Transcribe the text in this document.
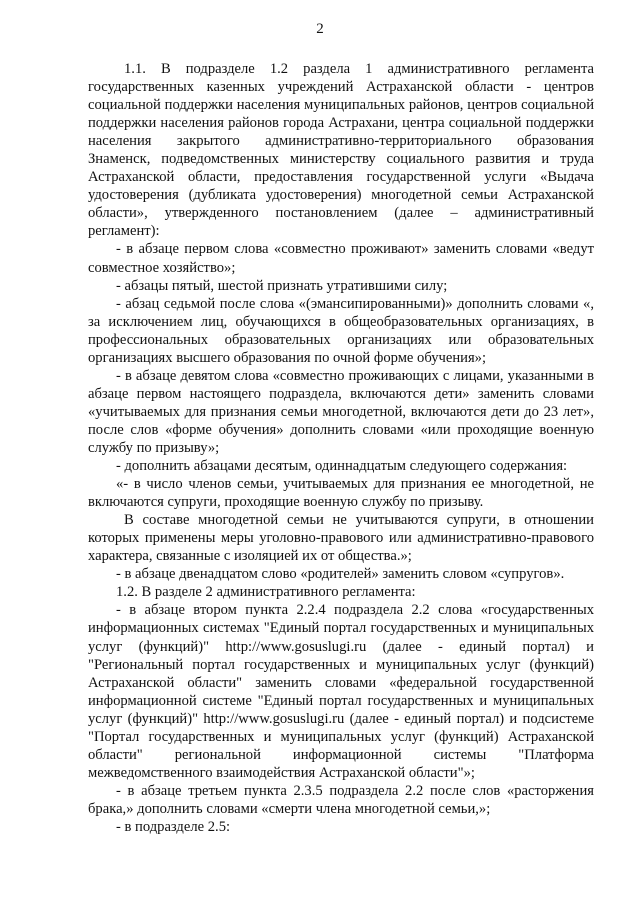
2

1.1. В подразделе 1.2 раздела 1 административного регламента государственных казенных учреждений Астраханской области - центров социальной поддержки населения муниципальных районов, центров социальной поддержки населения районов города Астрахани, центра социальной поддержки населения закрытого административно-территориального образования Знаменск, подведомственных министерству социального развития и труда Астраханской области, предоставления государственной услуги «Выдача удостоверения (дубликата удостоверения) многодетной семьи Астраханской области», утвержденного постановлением (далее – административный регламент):

- в абзаце первом слова «совместно проживают» заменить словами «ведут совместное хозяйство»;

- абзацы пятый, шестой признать утратившими силу;

- абзац седьмой после слова «(эмансипированными)» дополнить словами «, за исключением лиц, обучающихся в общеобразовательных организациях, в профессиональных образовательных организациях или образовательных организациях высшего образования по очной форме обучения»;

- в абзаце девятом слова «совместно проживающих с лицами, указанными в абзаце первом настоящего подраздела, включаются дети» заменить словами «учитываемых для признания семьи многодетной, включаются дети до 23 лет», после слов «форме обучения» дополнить словами «или проходящие военную службу по призыву»;

- дополнить абзацами десятым, одиннадцатым следующего содержания:

«- в число членов семьи, учитываемых для признания ее многодетной, не включаются супруги, проходящие военную службу по призыву.

В составе многодетной семьи не учитываются супруги, в отношении которых применены меры уголовно-правового или административно-правового характера, связанные с изоляцией их от общества.»;

- в абзаце двенадцатом слово «родителей» заменить словом «супругов».

1.2. В разделе 2 административного регламента:

- в абзаце втором пункта 2.2.4 подраздела 2.2 слова «государственных информационных системах "Единый портал государственных и муниципальных услуг (функций)" http://www.gosuslugi.ru (далее - единый портал) и "Региональный портал государственных и муниципальных услуг (функций) Астраханской области" заменить словами «федеральной государственной информационной системе "Единый портал государственных и муниципальных услуг (функций)" http://www.gosuslugi.ru (далее - единый портал) и подсистеме "Портал государственных и муниципальных услуг (функций) Астраханской области" региональной информационной системы "Платформа межведомственного взаимодействия Астраханской области"»;

- в абзаце третьем пункта 2.3.5 подраздела 2.2 после слов «расторжения брака,» дополнить словами «смерти члена многодетной семьи,»;

- в подразделе 2.5:
